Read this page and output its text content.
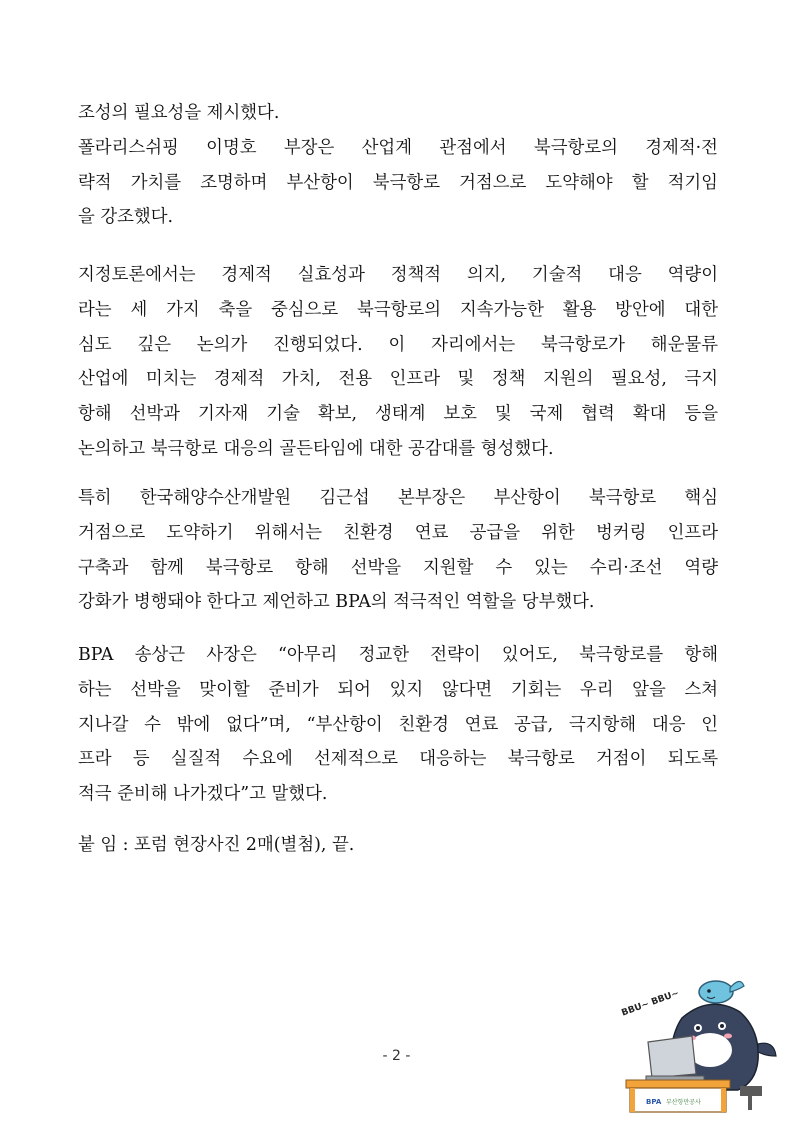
조성의 필요성을 제시했다.
폴라리스쉬핑 이명호 부장은 산업계 관점에서 북극항로의 경제적·전
략적 가치를 조명하며 부산항이 북극항로 거점으로 도약해야 할 적기임
을 강조했다.
지정토론에서는 경제적 실효성과 정책적 의지, 기술적 대응 역량이
라는 세 가지 축을 중심으로 북극항로의 지속가능한 활용 방안에 대한
심도 깊은 논의가 진행되었다. 이 자리에서는 북극항로가 해운물류
산업에 미치는 경제적 가치, 전용 인프라 및 정책 지원의 필요성, 극지
항해 선박과 기자재 기술 확보, 생태계 보호 및 국제 협력 확대 등을
논의하고 북극항로 대응의 골든타임에 대한 공감대를 형성했다.
특히 한국해양수산개발원 김근섭 본부장은 부산항이 북극항로 핵심
거점으로 도약하기 위해서는 친환경 연료 공급을 위한 벙커링 인프라
구축과 함께 북극항로 항해 선박을 지원할 수 있는 수리·조선 역량
강화가 병행돼야 한다고 제언하고 BPA의 적극적인 역할을 당부했다.
BPA 송상근 사장은 “아무리 정교한 전략이 있어도, 북극항로를 항해
하는 선박을 맞이할 준비가 되어 있지 않다면 기회는 우리 앞을 스쳐
지나갈 수 밖에 없다”며, “부산항이 친환경 연료 공급, 극지항해 대응 인
프라 등 실질적 수요에 선제적으로 대응하는 북극항로 거점이 되도록
적극 준비해 나가겠다”고 말했다.
붙 임 : 포럼 현장사진 2매(별첨), 끝.
- 2 -
BBU~ BBU~
BPA 부산항만공사
